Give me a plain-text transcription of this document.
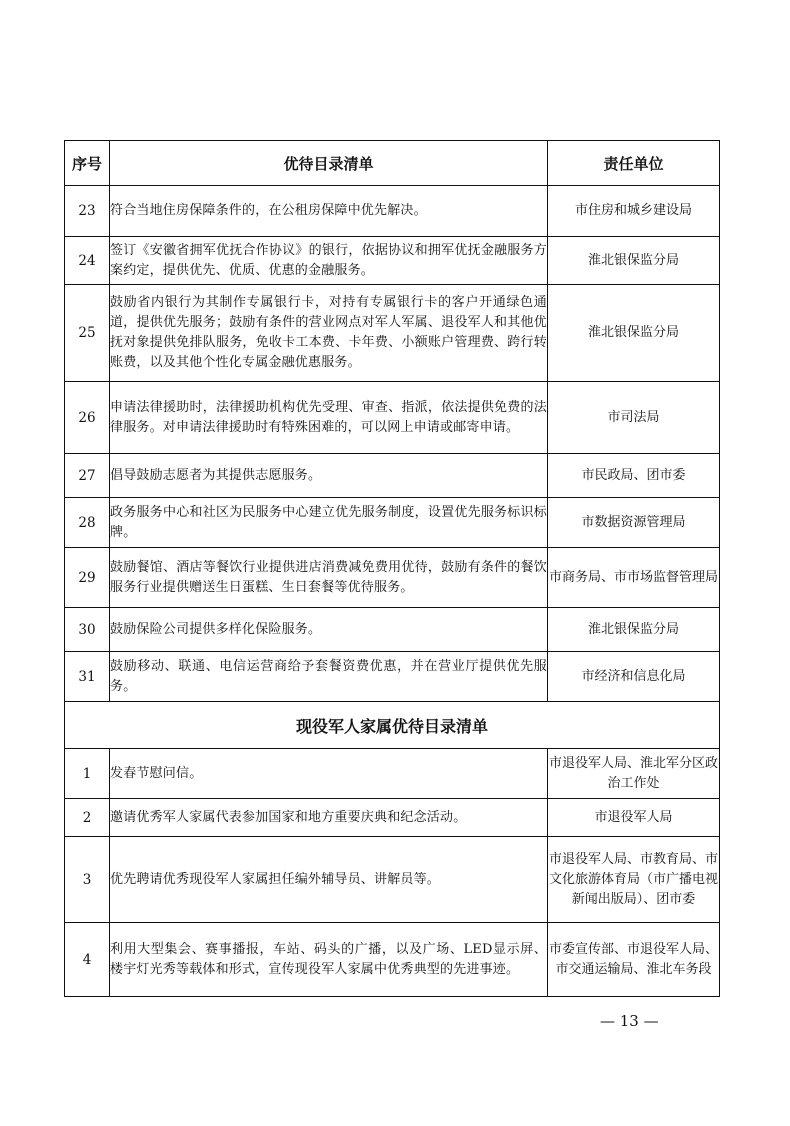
序号	优待目录清单	责任单位
23	符合当地住房保障条件的，在公租房保障中优先解决。	市住房和城乡建设局
24	签订《安徽省拥军优抚合作协议》的银行，依据协议和拥军优抚金融服务方案约定，提供优先、优质、优惠的金融服务。	淮北银保监分局
25	鼓励省内银行为其制作专属银行卡，对持有专属银行卡的客户开通绿色通道，提供优先服务；鼓励有条件的营业网点对军人军属、退役军人和其他优抚对象提供免排队服务，免收卡工本费、卡年费、小额账户管理费、跨行转账费，以及其他个性化专属金融优惠服务。	淮北银保监分局
26	申请法律援助时，法律援助机构优先受理、审查、指派，依法提供免费的法律服务。对申请法律援助时有特殊困难的，可以网上申请或邮寄申请。	市司法局
27	倡导鼓励志愿者为其提供志愿服务。	市民政局、团市委
28	政务服务中心和社区为民服务中心建立优先服务制度，设置优先服务标识标牌。	市数据资源管理局
29	鼓励餐馆、酒店等餐饮行业提供进店消费减免费用优待，鼓励有条件的餐饮服务行业提供赠送生日蛋糕、生日套餐等优待服务。	市商务局、市市场监督管理局
30	鼓励保险公司提供多样化保险服务。	淮北银保监分局
31	鼓励移动、联通、电信运营商给予套餐资费优惠，并在营业厅提供优先服务。	市经济和信息化局
现役军人家属优待目录清单		
1	发春节慰问信。	市退役军人局、淮北军分区政治工作处
2	邀请优秀军人家属代表参加国家和地方重要庆典和纪念活动。	市退役军人局
3	优先聘请优秀现役军人家属担任编外辅导员、讲解员等。	市退役军人局、市教育局、市文化旅游体育局（市广播电视新闻出版局）、团市委
4	利用大型集会、赛事播报，车站、码头的广播，以及广场、LED显示屏、楼宇灯光秀等载体和形式，宣传现役军人家属中优秀典型的先进事迹。	市委宣传部、市退役军人局、市交通运输局、淮北车务段
— 13 —
